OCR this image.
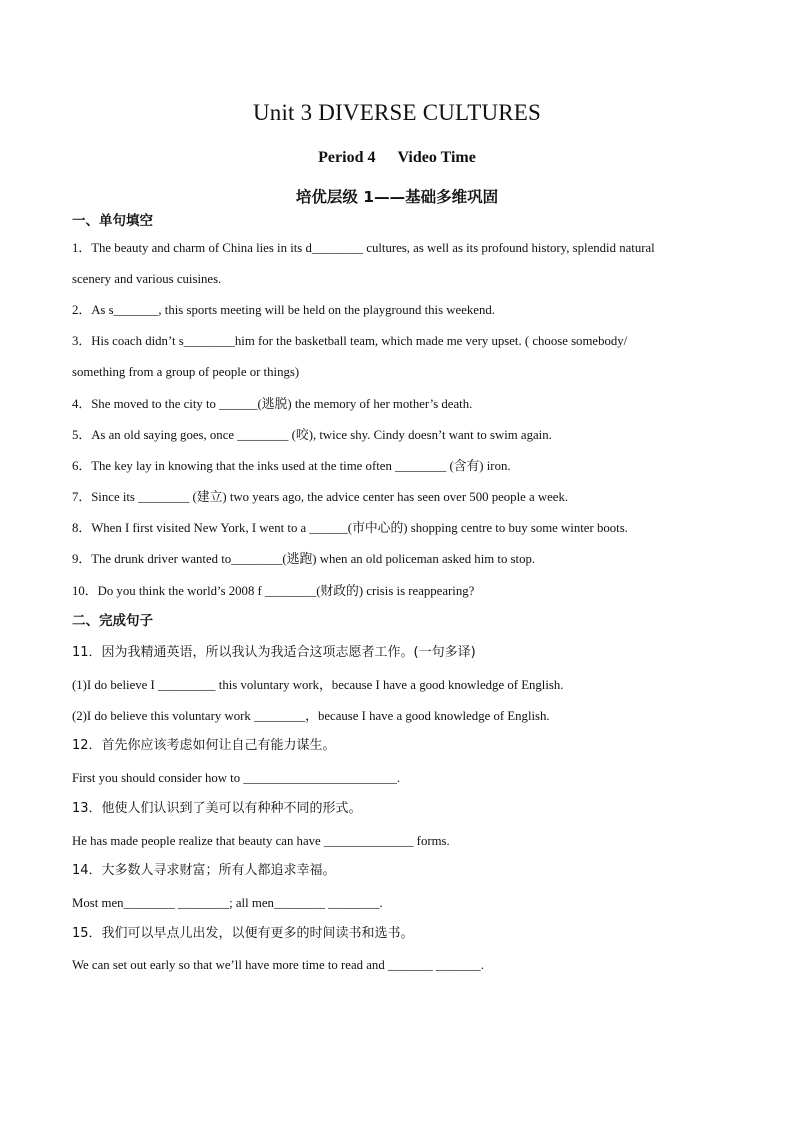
Unit 3 DIVERSE CULTURES
Period 4 Video Time
培优层级 1——基础多维巩固
一、单句填空
1．The beauty and charm of China lies in its d________ cultures, as well as its profound history, splendid natural
scenery and various cuisines.
2．As s_______, this sports meeting will be held on the playground this weekend.
3．His coach didn’t s________him for the basketball team, which made me very upset. ( choose somebody/
something from a group of people or things)
4．She moved to the city to ______(逃脱) the memory of her mother’s death.
5．As an old saying goes, once ________ (咬), twice shy. Cindy doesn’t want to swim again.
6．The key lay in knowing that the inks used at the time often ________ (含有) iron.
7．Since its ________ (建立) two years ago, the advice center has seen over 500 people a week.
8．When I first visited New York, I went to a ______(市中心的) shopping centre to buy some winter boots.
9．The drunk driver wanted to________(逃跑) when an old policeman asked him to stop.
10．Do you think the world’s 2008 f ________(财政的) crisis is reappearing?
二、完成句子
11．因为我精通英语，所以我认为我适合这项志愿者工作。(一句多译)
(1)I do believe I _________ this voluntary work，because I have a good knowledge of English.
(2)I do believe this voluntary work ________，because I have a good knowledge of English.
12．首先你应该考虑如何让自己有能力谋生。
First you should consider how to ________________________.
13．他使人们认识到了美可以有种种不同的形式。
He has made people realize that beauty can have ______________ forms.
14．大多数人寻求财富；所有人都追求幸福。
Most men________ ________; all men________ ________.
15．我们可以早点儿出发，以便有更多的时间读书和选书。
We can set out early so that we’ll have more time to read and _______ _______.
